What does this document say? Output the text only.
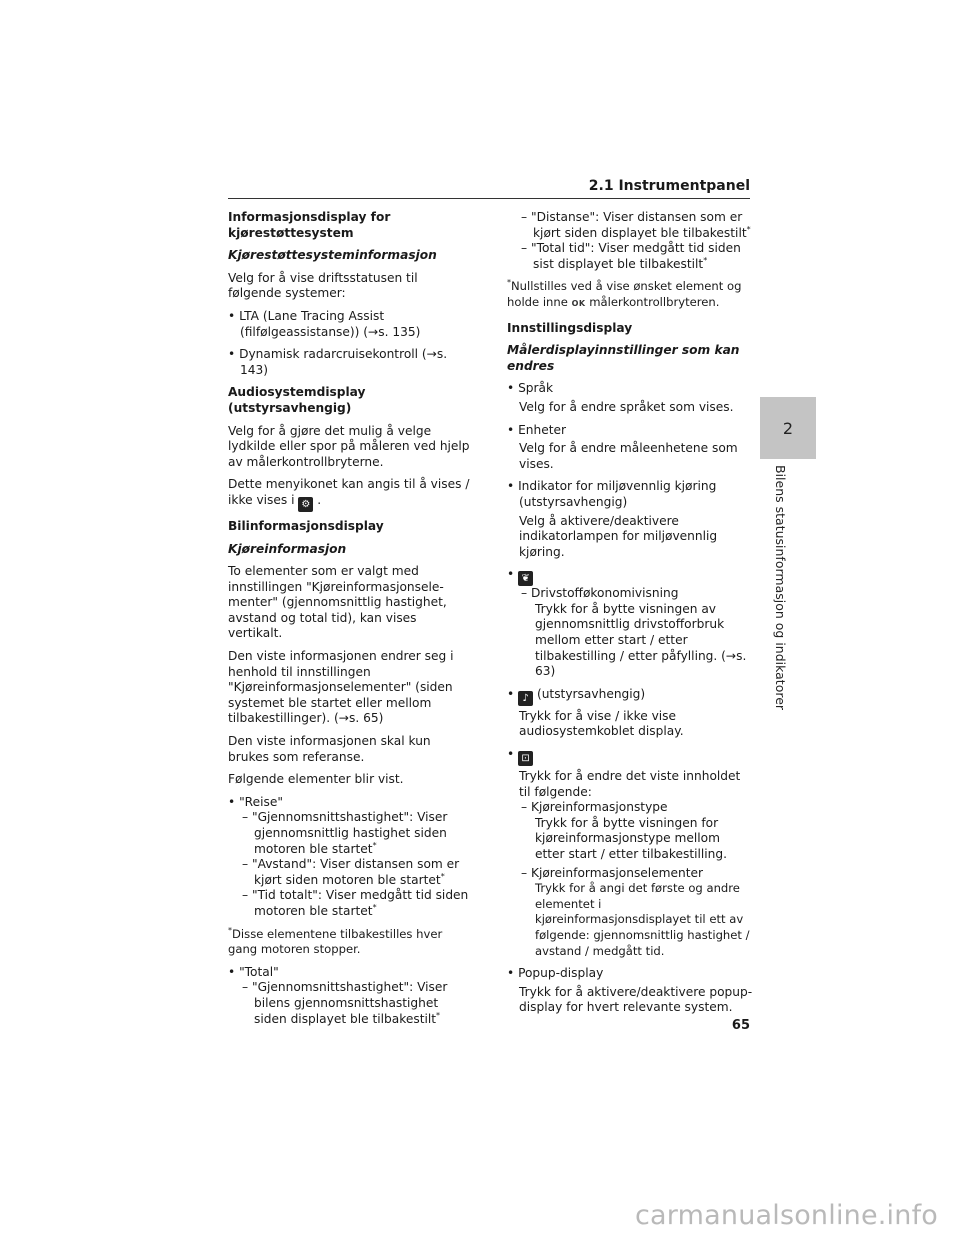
2.1 Instrumentpanel

Informasjonsdisplay for kjørestøttesystem

Kjørestøttesysteminformasjon

Velg for å vise driftsstatusen til følgende systemer:

• LTA (Lane Tracing Assist (filfølgeassistanse)) (→s. 135)

• Dynamisk radarcruisekontroll (→s. 143)

Audiosystemdisplay (utstyrsavhengig)

Velg for å gjøre det mulig å velge lydkilde eller spor på måleren ved hjelp av målerkontrollbryterne.

Dette menyikonet kan angis til å vises / ikke vises i ⚙ .

Bilinformasjonsdisplay

Kjøreinformasjon

To elementer som er valgt med innstillingen "Kjøreinformasjonsele-menter" (gjennomsnittlig hastighet, avstand og total tid), kan vises vertikalt.

Den viste informasjonen endrer seg i henhold til innstillingen "Kjøreinformasjonselementer" (siden systemet ble startet eller mellom tilbakestillinger). (→s. 65)

Den viste informasjonen skal kun brukes som referanse.

Følgende elementer blir vist.

• "Reise"

– "Gjennomsnittshastighet": Viser gjennomsnittlig hastighet siden motoren ble startet*

– "Avstand": Viser distansen som er kjørt siden motoren ble startet*

– "Tid totalt": Viser medgått tid siden motoren ble startet*

*Disse elementene tilbakestilles hver gang motoren stopper.

• "Total"

– "Gjennomsnittshastighet": Viser bilens gjennomsnittshastighet siden displayet ble tilbakestilt*

– "Distanse": Viser distansen som er kjørt siden displayet ble tilbakestilt*

– "Total tid": Viser medgått tid siden sist displayet ble tilbakestilt*

*Nullstilles ved å vise ønsket element og holde inne OK målerkontrollbryteren.

Innstillingsdisplay

Målerdisplayinnstillinger som kan endres

• Språk

Velg for å endre språket som vises.

• Enheter

Velg for å endre måleenhetene som vises.

• Indikator for miljøvennlig kjøring (utstyrsavhengig)

Velg å aktivere/deaktivere indikatorlampen for miljøvennlig kjøring.

• ❦

– Drivstofføkonomivisning

Trykk for å bytte visningen av gjennomsnittlig drivstofforbruk mellom etter start / etter tilbakestilling / etter påfylling. (→s. 63)

• ♪ (utstyrsavhengig)

Trykk for å vise / ikke vise audiosystemkoblet display.

• ⊡

Trykk for å endre det viste innholdet til følgende:

– Kjøreinformasjonstype

Trykk for å bytte visningen for kjøreinformasjonstype mellom etter start / etter tilbakestilling.

– Kjøreinformasjonselementer

Trykk for å angi det første og andre elementet i kjøreinformasjonsdisplayet til ett av følgende: gjennomsnittlig hastighet / avstand / medgått tid.

• Popup-display

Trykk for å aktivere/deaktivere popup-display for hvert relevante system.

2
Bilens statusinformasjon og indikatorer
65
carmanualsonline.info
